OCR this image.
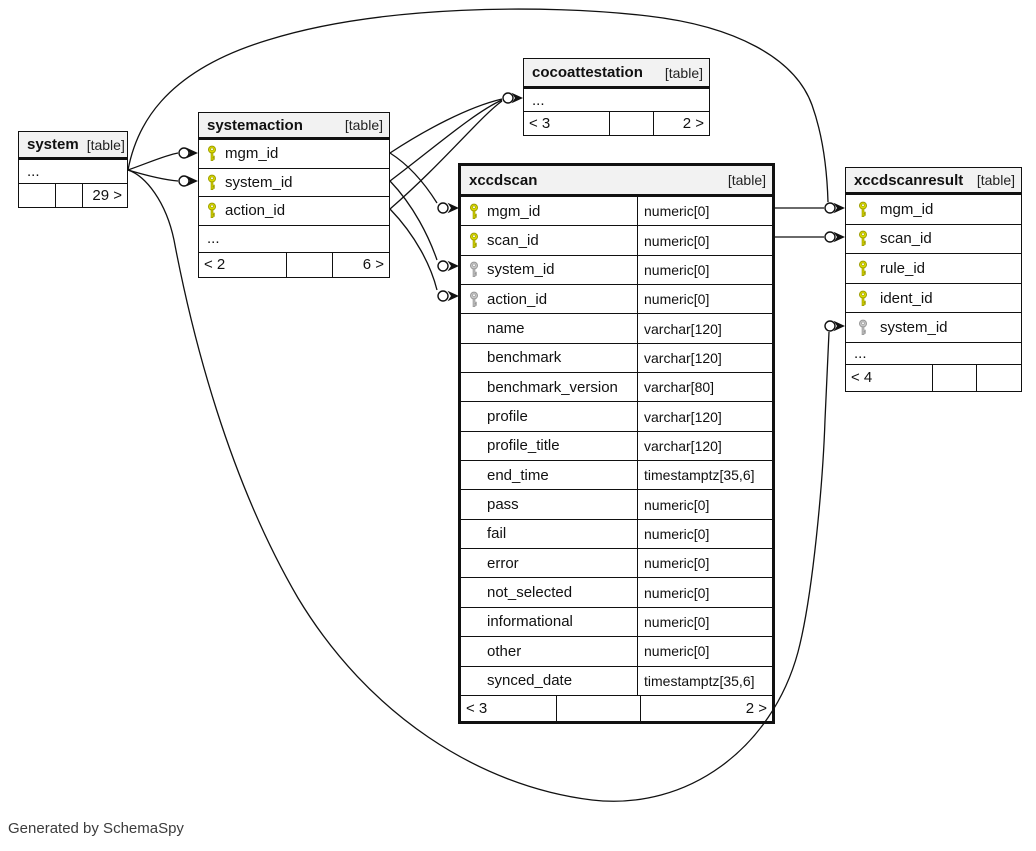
system [table]
...
29 >
systemaction	[table]
mgm_id
system_id
action_id
...
< 2	6 >
cocoattestation [table]
...
< 3	2 >
xccdscan	[table]
mgm_id	numeric[0]
scan_id	numeric[0]
system_id	numeric[0]
action_id	numeric[0]
name	varchar[120]
benchmark	varchar[120]
benchmark_version	varchar[80]
profile	varchar[120]
profile_title	varchar[120]
end_time	timestamptz[35,6]
pass	numeric[0]
fail	numeric[0]
error	numeric[0]
not_selected	numeric[0]
informational	numeric[0]
other	numeric[0]
synced_date	timestamptz[35,6]
< 3	2 >
xccdscanresult [table]
mgm_id
scan_id
rule_id
ident_id
system_id
...
< 4
Generated by SchemaSpy
